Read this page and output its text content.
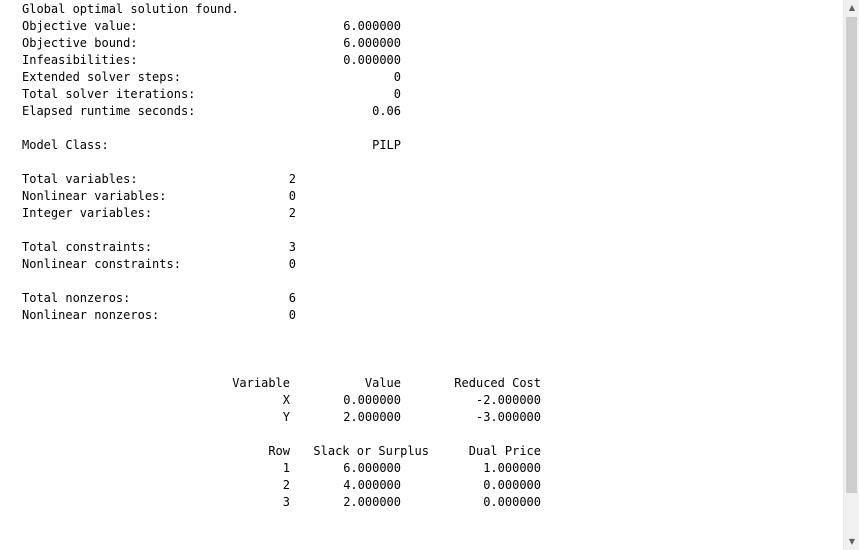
Global optimal solution found.
Objective value:	6.000000
Objective bound:	6.000000
Infeasibilities:	0.000000
Extended solver steps:	0
Total solver iterations:	0
Elapsed runtime seconds:	0.06
Model Class:	PILP
Total variables:	2
Nonlinear variables:	0
Integer variables:	2
Total constraints:	3
Nonlinear constraints:	0
Total nonzeros:	6
Nonlinear nonzeros:	0
Variable	Value	Reduced Cost
X	0.000000	-2.000000
Y	2.000000	-3.000000
Row	Slack or Surplus	Dual Price
1	6.000000	1.000000
2	4.000000	0.000000
3	2.000000	0.000000
▲
▼
